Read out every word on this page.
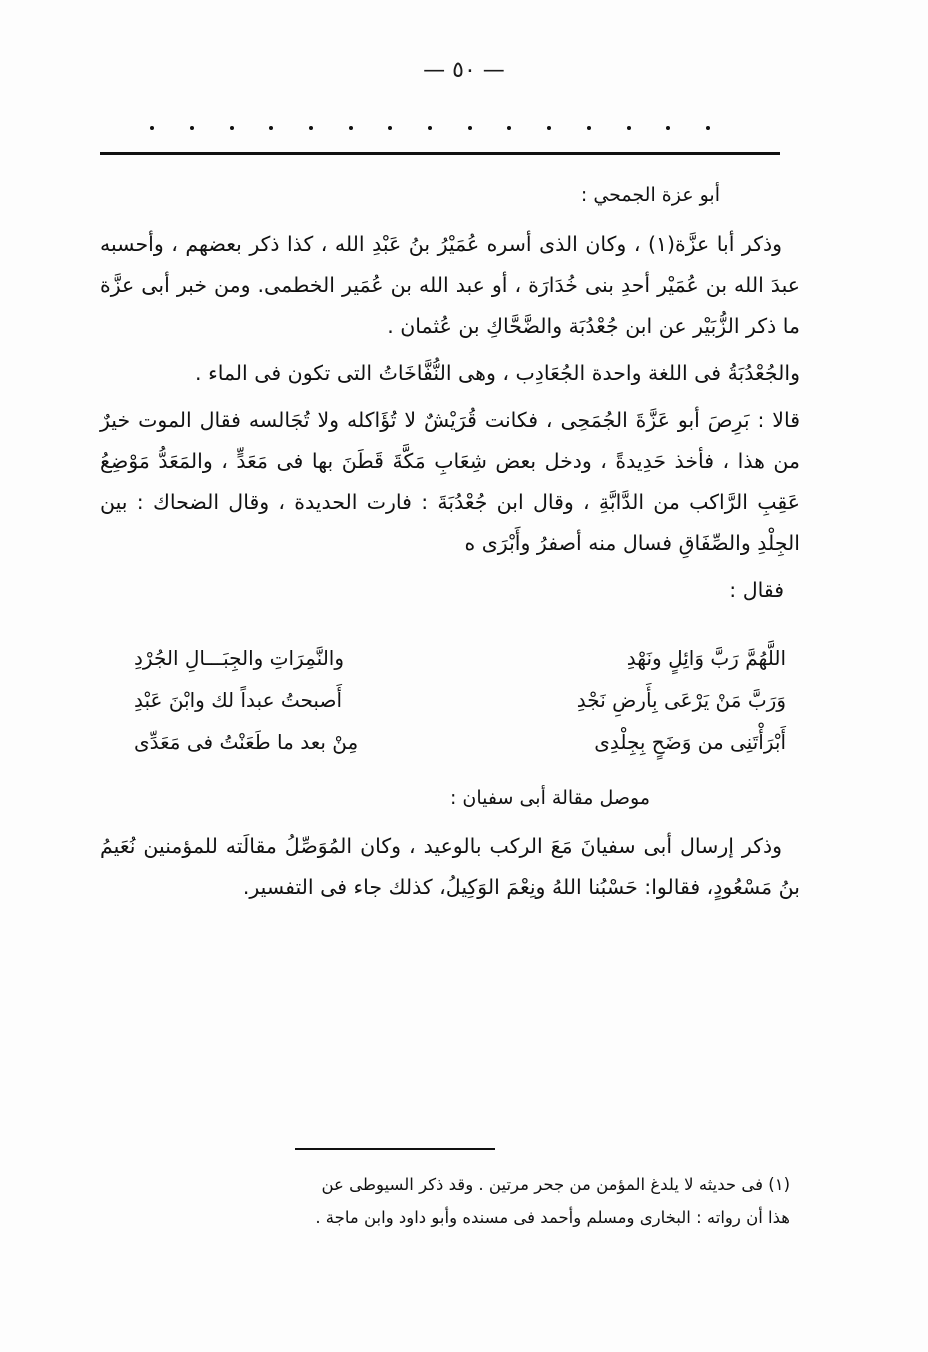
— ٥٠ —
أبو عزة الجمحي :

وذكر أبا عزَّة(١) ، وكان الذى أسره عُمَيْرُ بنُ عَبْدِ الله ، كذا ذكر بعضهم ، وأحسبه عبدَ الله بن عُمَيْر أحدِ بنى خُدَارَة ، أو عبد الله بن عُمَير الخطمى. ومن خبر أبى عزَّة ما ذكر الزُّبَيْر عن ابن جُعْدُبَة والضَّحَّاكِ بن عُثمان .

والجُعْدُبَةُ فى اللغة واحدة الجُعَادِب ، وهى النُّفَّاخَاتُ التى تكون فى الماء .

قالا : بَرِصَ أبو عَزَّةَ الجُمَحِى ، فكانت قُرَيْشٌ لا تُؤَاكله ولا تُجَالسه فقال الموت خيرٌ من هذا ، فأخذ حَدِيدةً ، ودخل بعض شِعَابِ مَكَّةَ قَطَنَ بها فى مَعَدٍّ ، والمَعَدُّ مَوْضِعُ عَقِبِ الرَّاكب من الدَّابَّةِ ، وقال ابن جُعْدُبَةَ : فارت الحديدة ، وقال الضحاك : بين الجِلْدِ والصِّفَاقِ فسال منه أصفرُ وأَبْرَى ه

فقال :

اللَّهُمَّ رَبَّ وَائِلٍ ونَهْدِ
والنَّمِرَاتِ والجِبَـــالِ الجُرْدِ
وَرَبَّ مَنْ يَرْعَى بِأَرضِ نَجْدِ
أَصبحتُ عبداً لك وابْنَ عَبْدِ
أَبْرَأْتَنِى من وَضَحٍ بِجِلْدِى
مِنْ بعد ما طَعَنْتُ فى مَعَدِّى
موصل مقالة أبى سفيان :

وذكر إرسال أبى سفيانَ مَعَ الركب بالوعيد ، وكان المُوَصِّلُ مقالَته للمؤمنين نُعَيمُ بنُ مَسْعُودٍ، فقالوا: حَسْبُنا اللهُ ونِعْمَ الوَكِيلُ، كذلك جاء فى التفسير.

(١) فى حديثه لا يلدغ المؤمن من جحر مرتين . وقد ذكر السيوطى عن

هذا أن رواته : البخارى ومسلم وأحمد فى مسنده وأبو داود وابن ماجة .
